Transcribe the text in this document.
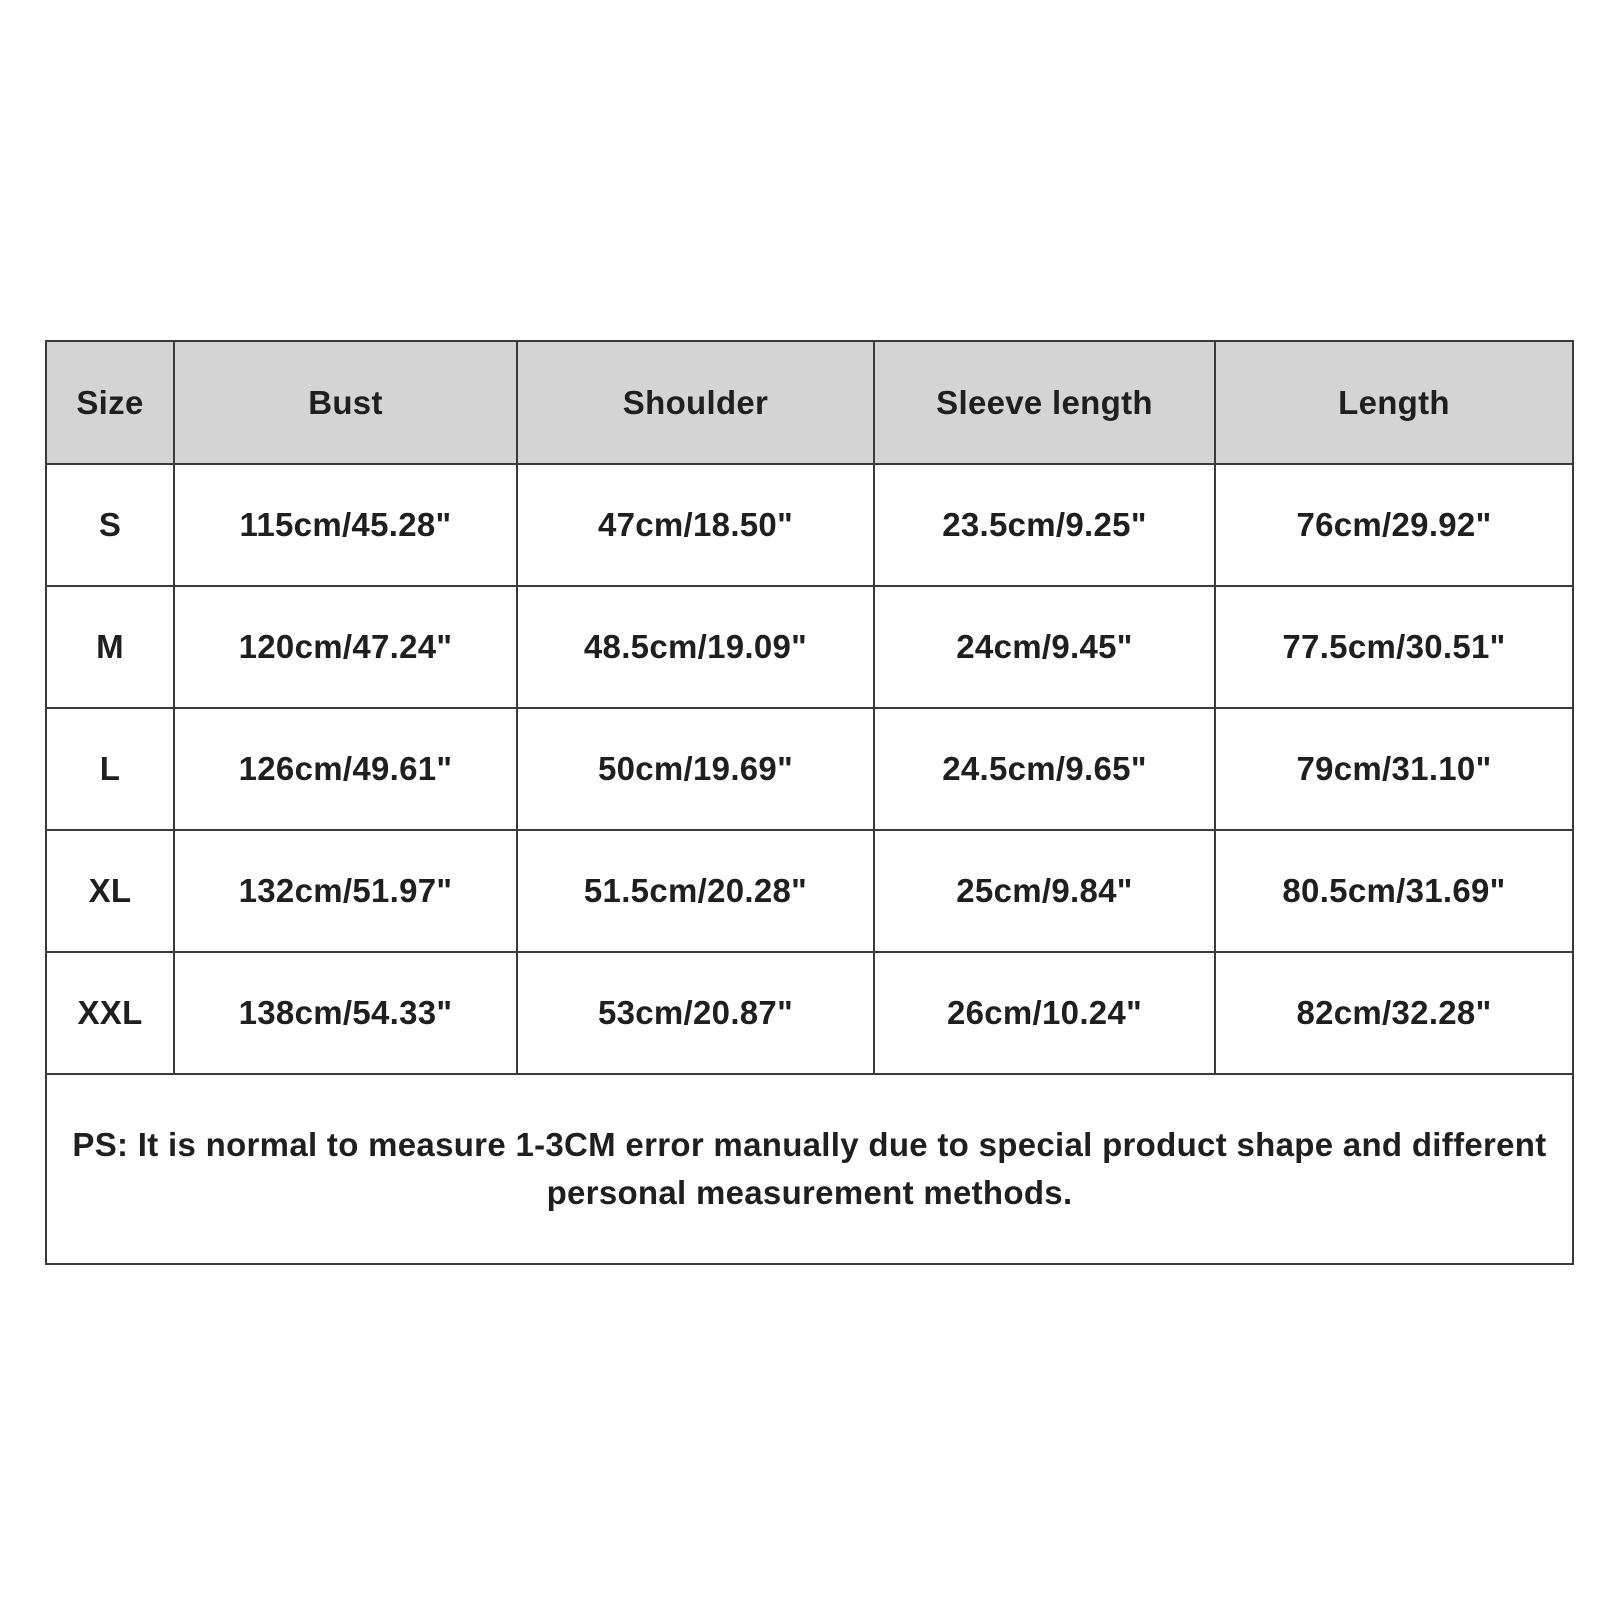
Size	Bust	Shoulder	Sleeve length	Length
S	115cm/45.28"	47cm/18.50"	23.5cm/9.25"	76cm/29.92"
M	120cm/47.24"	48.5cm/19.09"	24cm/9.45"	77.5cm/30.51"
L	126cm/49.61"	50cm/19.69"	24.5cm/9.65"	79cm/31.10"
XL	132cm/51.97"	51.5cm/20.28"	25cm/9.84"	80.5cm/31.69"
XXL	138cm/54.33"	53cm/20.87"	26cm/10.24"	82cm/32.28"
PS: It is normal to measure 1-3CM error manually due to special product shape and different personal measurement methods.				
